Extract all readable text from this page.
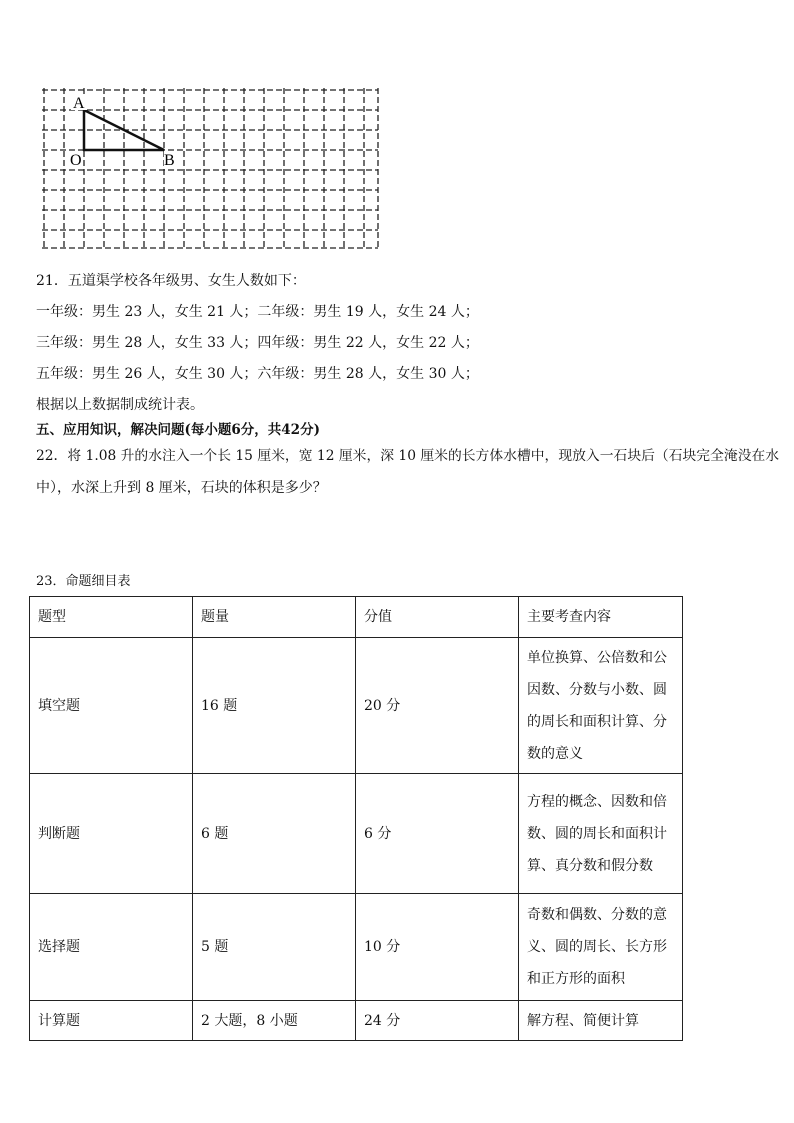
A
O	B
21．五道渠学校各年级男、女生人数如下：
一年级：男生 23 人，女生 21 人；二年级：男生 19 人，女生 24 人；
三年级：男生 28 人，女生 33 人；四年级：男生 22 人，女生 22 人；
五年级：男生 26 人，女生 30 人；六年级：男生 28 人，女生 30 人；
根据以上数据制成统计表。
五、应用知识，解决问题(每小题6分，共42分)
22．将 1.08 升的水注入一个长 15 厘米，宽 12 厘米，深 10 厘米的长方体水槽中，现放入一石块后（石块完全淹没在水
中），水深上升到 8 厘米，石块的体积是多少？
23．命题细目表
题型	题量	分值	主要考查内容
填空题	16 题	20 分	单位换算、公倍数和公因数、分数与小数、圆的周长和面积计算、分数的意义
判断题	6 题	6 分	方程的概念、因数和倍数、圆的周长和面积计算、真分数和假分数
选择题	5 题	10 分	奇数和偶数、分数的意义、圆的周长、长方形和正方形的面积
计算题	2 大题，8 小题	24 分	解方程、简便计算
